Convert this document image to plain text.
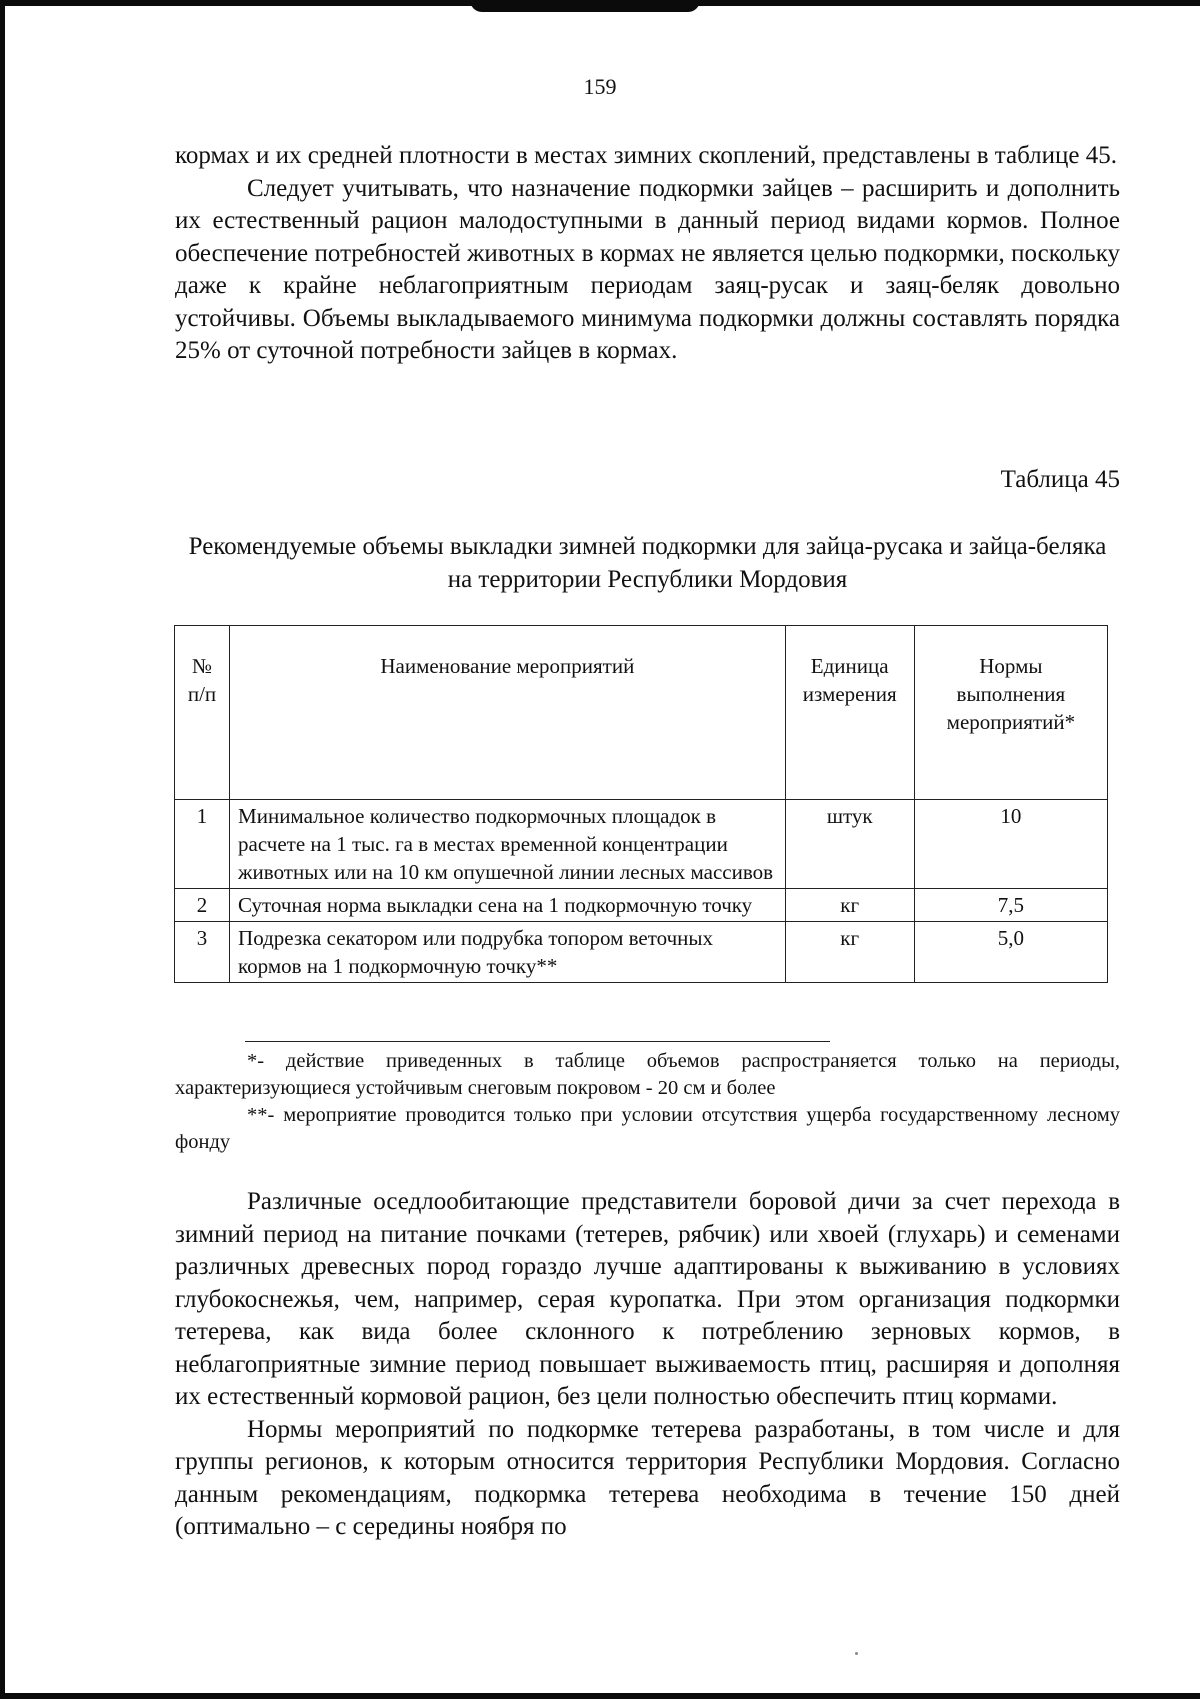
159

кормах и их средней плотности в местах зимних скоплений, представлены в таблице 45.

Следует учитывать, что назначение подкормки зайцев – расширить и дополнить их естественный рацион малодоступными в данный период видами кормов. Полное обеспечение потребностей животных в кормах не является целью подкормки, поскольку даже к крайне неблагоприятным периодам заяц-русак и заяц-беляк довольно устойчивы. Объемы выкладываемого минимума подкормки должны составлять порядка 25% от суточной потребности зайцев в кормах.

Таблица 45
Рекомендуемые объемы выкладки зимней подкормки для зайца-русака и зайца-беляка на территории Республики Мордовия
№ п/п	Наименование мероприятий	Единица измерения	Нормы выполнения мероприятий*
1	Минимальное количество подкормочных площадок в расчете на 1 тыс. га в местах временной концентрации животных или на 10 км опушечной линии лесных массивов	штук	10
2	Суточная норма выкладки сена на 1 подкормочную точку	кг	7,5
3	Подрезка секатором или подрубка топором веточных кормов на 1 подкормочную точку**	кг	5,0

*- действие приведенных в таблице объемов распространяется только на периоды, характеризующиеся устойчивым снеговым покровом - 20 см и более

**- мероприятие проводится только при условии отсутствия ущерба государственному лесному фонду

Различные оседлообитающие представители боровой дичи за счет перехода в зимний период на питание почками (тетерев, рябчик) или хвоей (глухарь) и семенами различных древесных пород гораздо лучше адаптированы к выживанию в условиях глубокоснежья, чем, например, серая куропатка. При этом организация подкормки тетерева, как вида более склонного к потреблению зерновых кормов, в неблагоприятные зимние период повышает выживаемость птиц, расширяя и дополняя их естественный кормовой рацион, без цели полностью обеспечить птиц кормами.

Нормы мероприятий по подкормке тетерева разработаны, в том числе и для группы регионов, к которым относится территория Республики Мордовия. Согласно данным рекомендациям, подкормка тетерева необходима в течение 150 дней (оптимально – с середины ноября по
